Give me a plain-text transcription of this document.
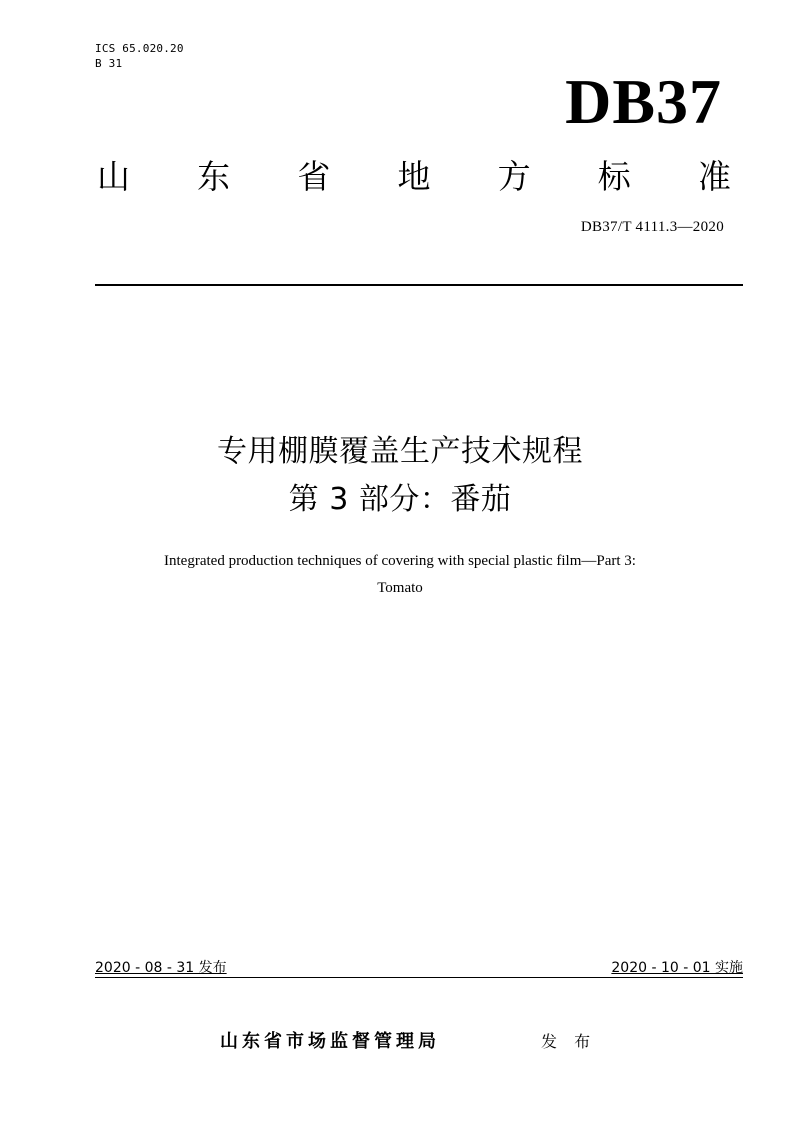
ICS 65.020.20
B 31
DB37
山 东 省 地 方 标 准
DB37/T 4111.3—2020
专用棚膜覆盖生产技术规程
第 3 部分：番茄
Integrated production techniques of covering with special plastic film—Part 3:
Tomato
2020 - 08 - 31 发布	2020 - 10 - 01 实施
山东省市场监督管理局	发 布
